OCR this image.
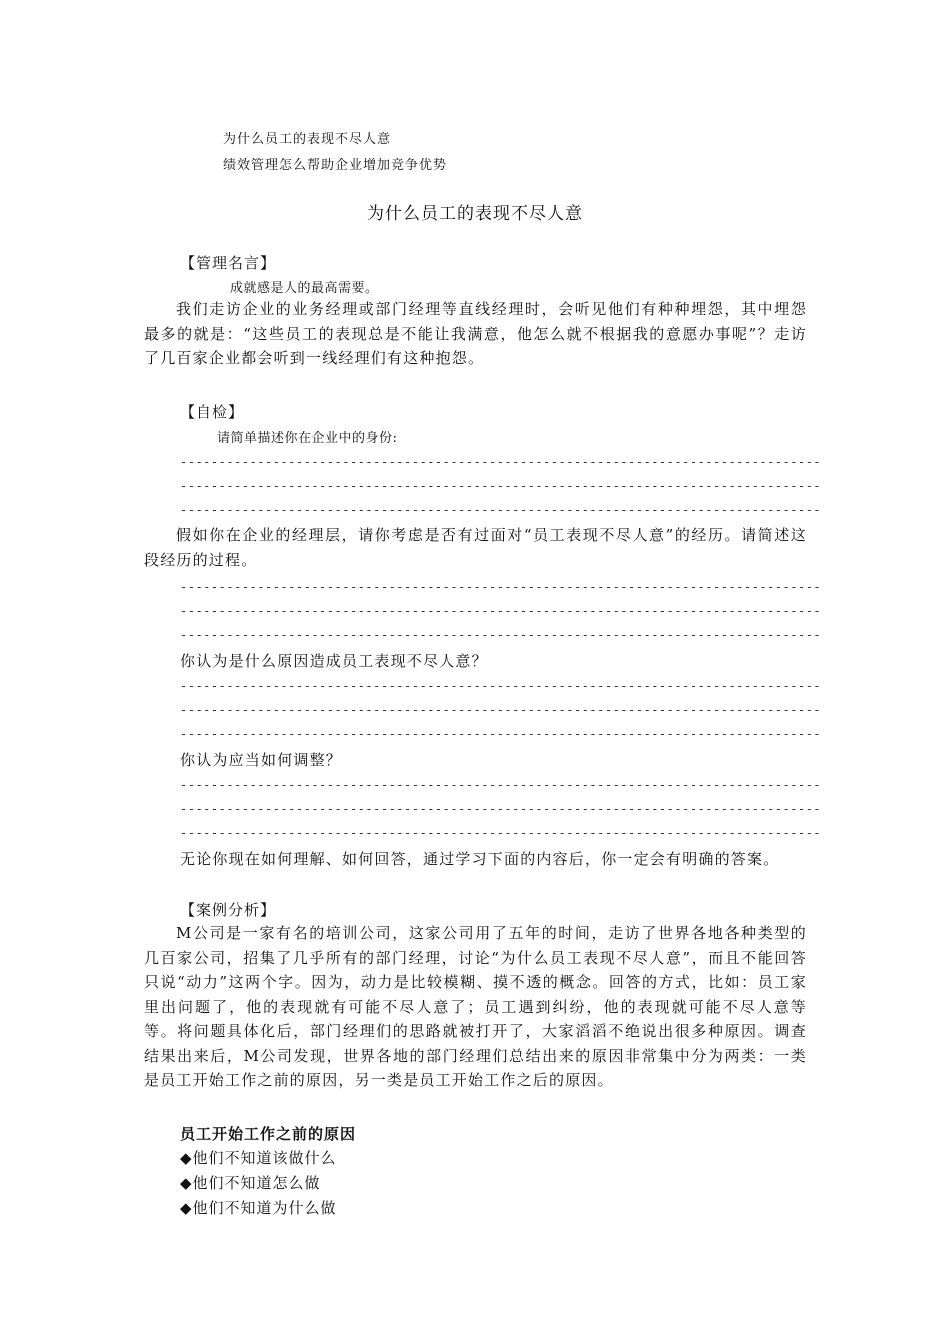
为什么员工的表现不尽人意

绩效管理怎么帮助企业增加竞争优势

为什么员工的表现不尽人意

【管理名言】

成就感是人的最高需要。

我们走访企业的业务经理或部门经理等直线经理时，会听见他们有种种埋怨，其中埋怨最多的就是：“这些员工的表现总是不能让我满意，他怎么就不根据我的意愿办事呢”？走访了几百家企业都会听到一线经理们有这种抱怨。

【自检】

请简单描述你在企业中的身份:

-----------------------------------------------------------------------------------

-----------------------------------------------------------------------------------

-----------------------------------------------------------------------------------

假如你在企业的经理层，请你考虑是否有过面对“员工表现不尽人意”的经历。请简述这段经历的过程。

-----------------------------------------------------------------------------------

-----------------------------------------------------------------------------------

-----------------------------------------------------------------------------------

你认为是什么原因造成员工表现不尽人意？

-----------------------------------------------------------------------------------

-----------------------------------------------------------------------------------

-----------------------------------------------------------------------------------

你认为应当如何调整？

-----------------------------------------------------------------------------------

-----------------------------------------------------------------------------------

-----------------------------------------------------------------------------------

无论你现在如何理解、如何回答，通过学习下面的内容后，你一定会有明确的答案。

【案例分析】

M公司是一家有名的培训公司，这家公司用了五年的时间，走访了世界各地各种类型的几百家公司，招集了几乎所有的部门经理，讨论“为什么员工表现不尽人意”，而且不能回答只说“动力”这两个字。因为，动力是比较模糊、摸不透的概念。回答的方式，比如：员工家里出问题了，他的表现就有可能不尽人意了；员工遇到纠纷，他的表现就可能不尽人意等等。将问题具体化后，部门经理们的思路就被打开了，大家滔滔不绝说出很多种原因。调查结果出来后，M公司发现，世界各地的部门经理们总结出来的原因非常集中分为两类：一类是员工开始工作之前的原因，另一类是员工开始工作之后的原因。

员工开始工作之前的原因

◆他们不知道该做什么

◆他们不知道怎么做

◆他们不知道为什么做
